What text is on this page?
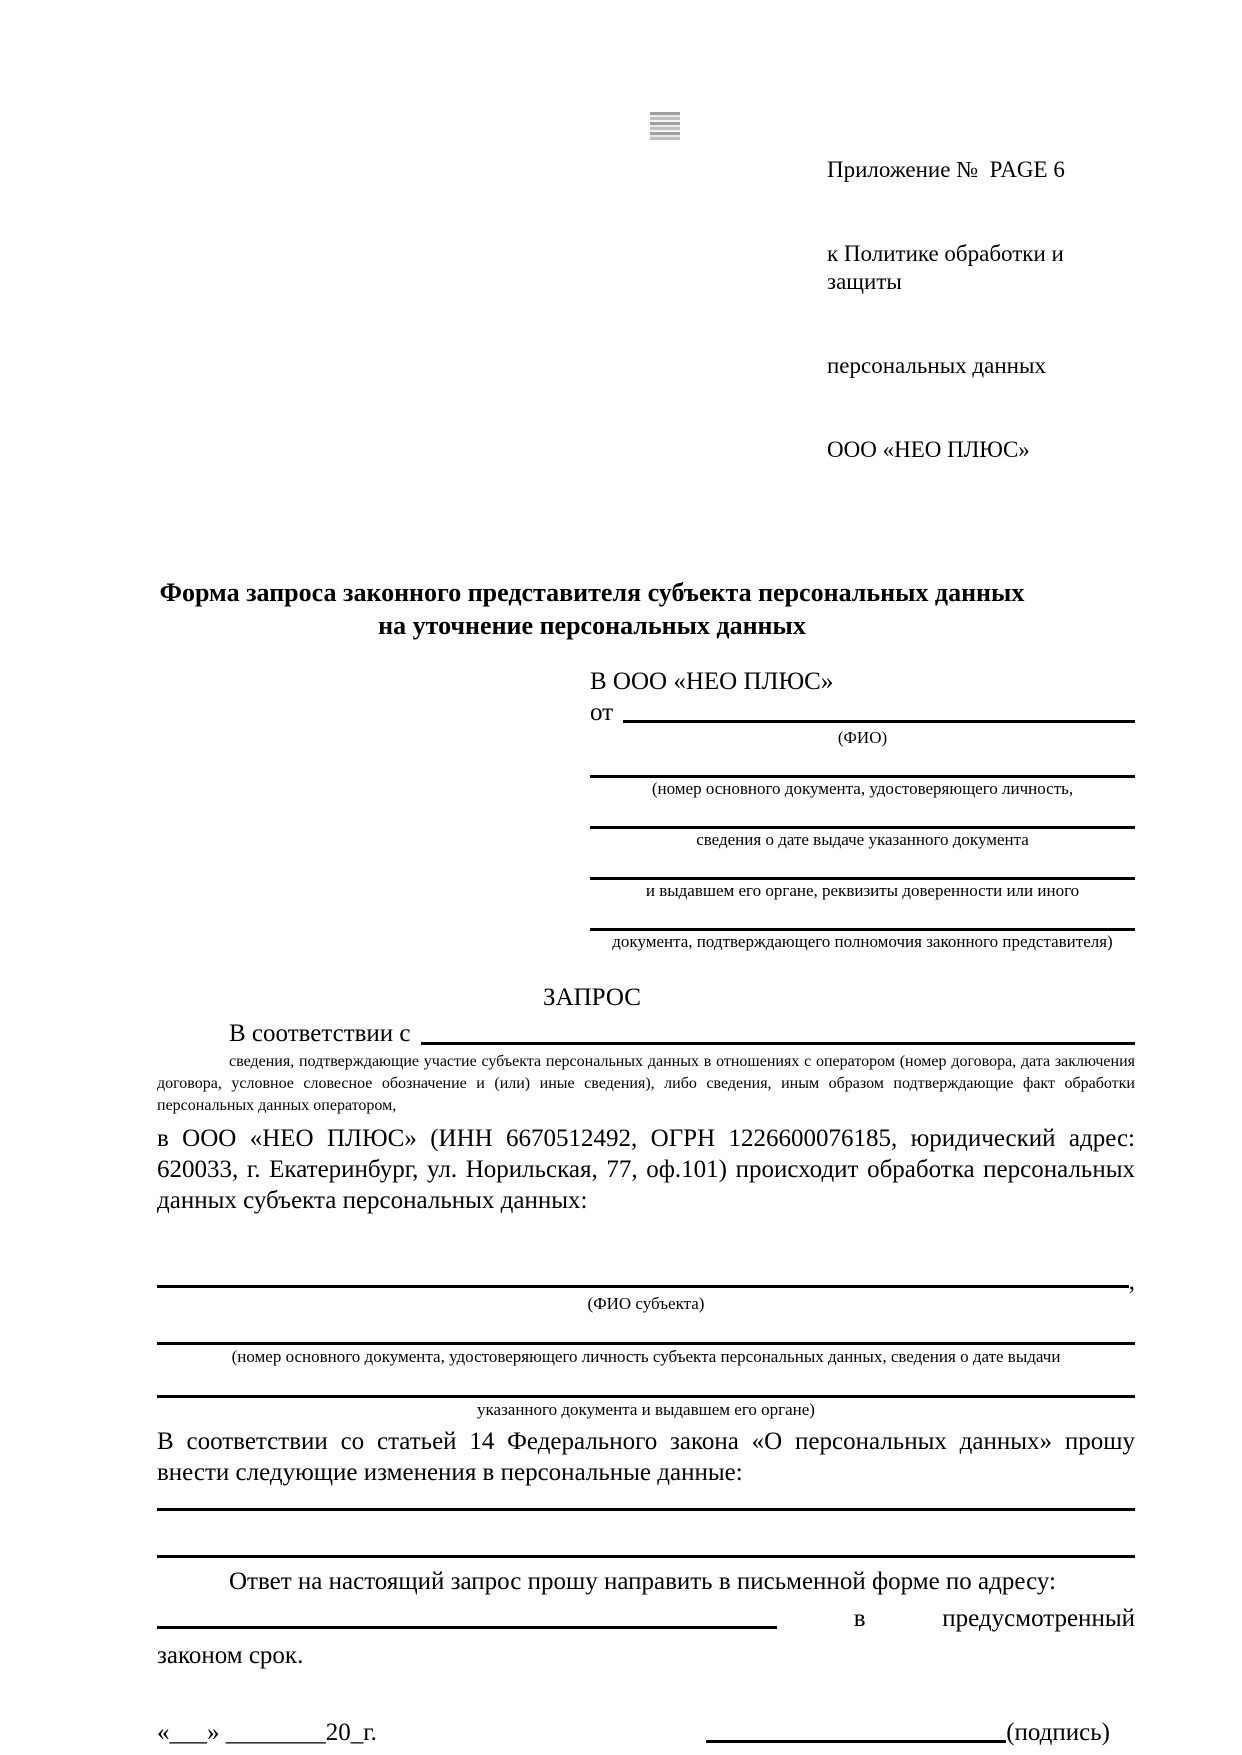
Приложение №  PAGE 6

к Политике обработки и защиты

персональных данных

ООО «НЕО ПЛЮС»

Форма запроса законного представителя субъекта персональных данных
на уточнение персональных данных
В ООО «НЕО ПЛЮС»
от
(ФИО)
(номер основного документа, удостоверяющего личность,
сведения о дате выдаче указанного документа
и выдавшем его органе, реквизиты доверенности или иного
документа, подтверждающего полномочия законного представителя)
ЗАПРОС
В соответствии с

сведения, подтверждающие участие субъекта персональных данных в отношениях с оператором (номер договора, дата заключения договора, условное словесное обозначение и (или) иные сведения), либо сведения, иным образом подтверждающие факт обработки персональных данных оператором,

в ООО «НЕО ПЛЮС» (ИНН 6670512492, ОГРН 1226600076185, юридический адрес: 620033, г. Екатеринбург, ул. Норильская, 77, оф.101) происходит обработка персональных данных субъекта персональных данных:

,
(ФИО субъекта)
(номер основного документа, удостоверяющего личность субъекта персональных данных, сведения о дате выдачи
указанного документа и выдавшем его органе)

В соответствии со статьей 14 Федерального закона «О персональных данных» прошу внести следующие изменения в персональные данные:

Ответ на настоящий запрос прошу направить в письменной форме по адресу:

в	предусмотренный

законом срок.

«___» ________20_г.	(подпись)
